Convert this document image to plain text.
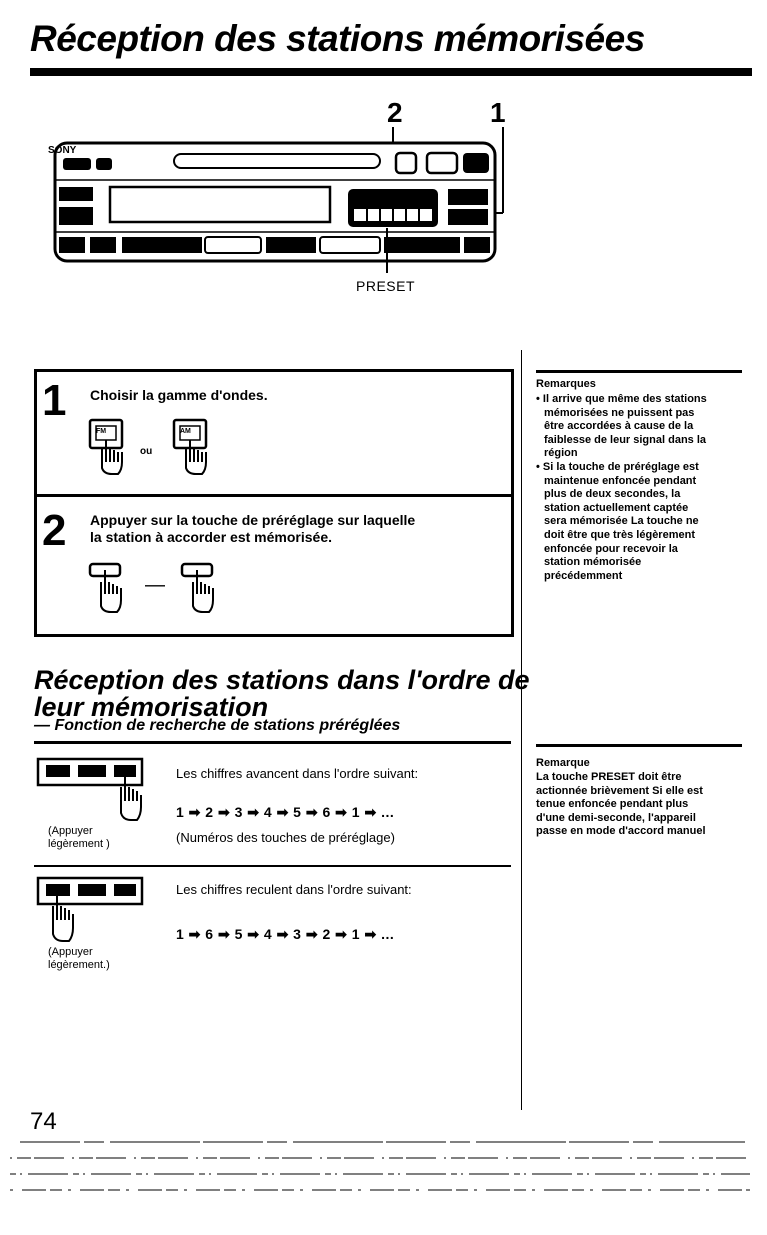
Réception des stations mémorisées
2	1
SONY
PRESET
1 Choisir la gamme d'ondes.
FM
ou
AM
2 Appuyer sur la touche de préréglage sur laquelle
la station à accorder est mémorisée.
—
Remarques
• Il arrive que même des stations
mémorisées ne puissent pas
être accordées à cause de la
faiblesse de leur signal dans la
région
• Si la touche de préréglage est
maintenue enfoncée pendant
plus de deux secondes, la
station actuellement captée
sera mémorisée La touche ne
doit être que très légèrement
enfoncée pour recevoir la
station mémorisée
précédemment
Réception des stations dans l'ordre de
leur mémorisation
— Fonction de recherche de stations préréglées
Les chiffres avancent dans l'ordre suivant:
1 ➡ 2 ➡ 3 ➡ 4 ➡ 5 ➡ 6 ➡ 1 ➡ ...
(Appuyer
légèrement )	(Numéros des touches de préréglage)
Les chiffres reculent dans l'ordre suivant:
1 ➡ 6 ➡ 5 ➡ 4 ➡ 3 ➡ 2 ➡ 1 ➡ ...
(Appuyer
légèrement.)
Remarque
La touche PRESET doit être
actionnée brièvement Si elle est
tenue enfoncée pendant plus
d'une demi-seconde, l'appareil
passe en mode d'accord manuel
74
